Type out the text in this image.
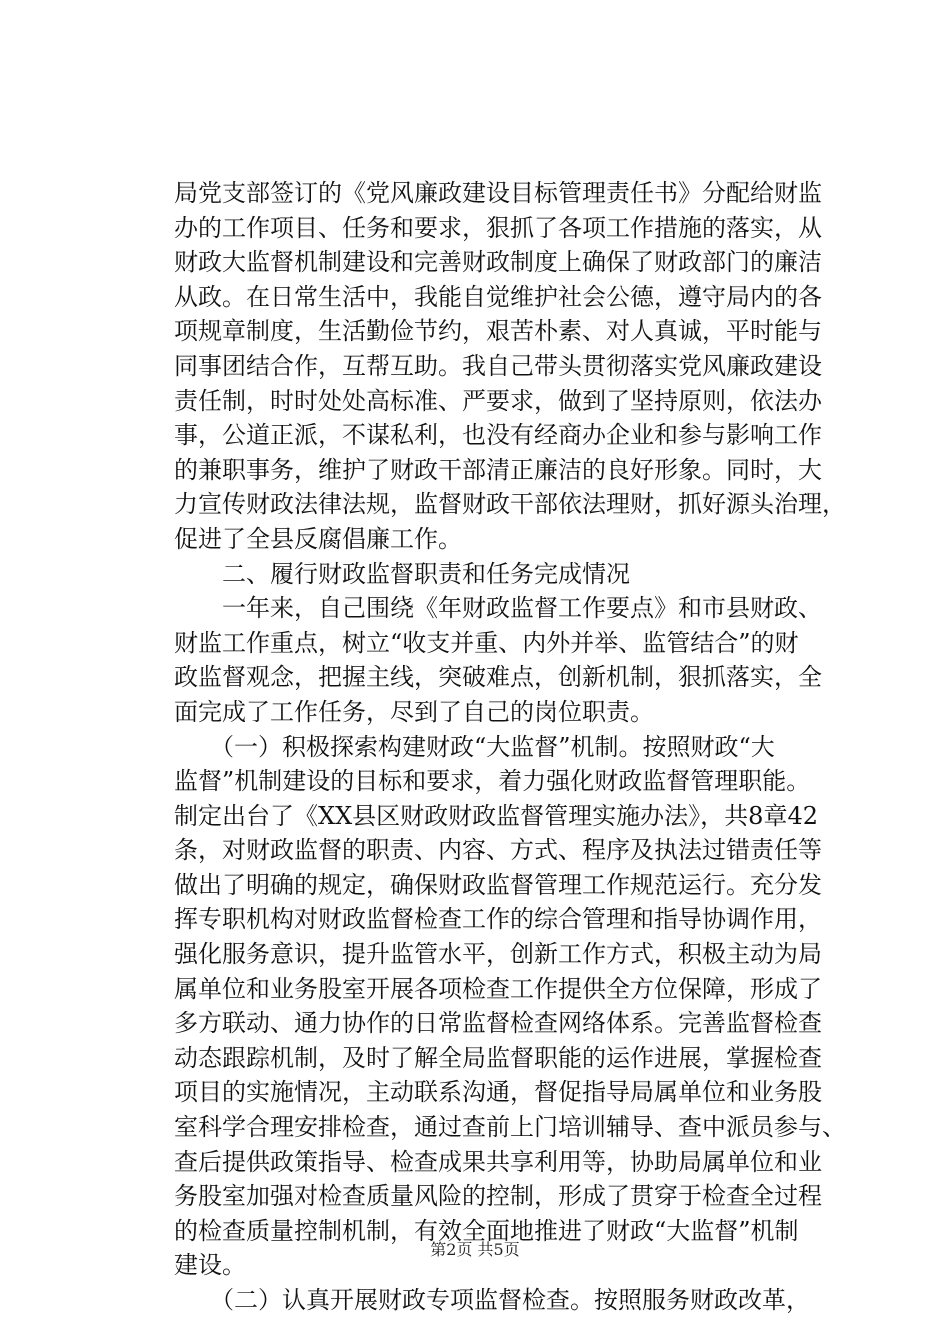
局党支部签订的《党风廉政建设目标管理责任书》分配给财监
办的工作项目、任务和要求，狠抓了各项工作措施的落实，从
财政大监督机制建设和完善财政制度上确保了财政部门的廉洁
从政。在日常生活中，我能自觉维护社会公德，遵守局内的各
项规章制度，生活勤俭节约，艰苦朴素、对人真诚，平时能与
同事团结合作，互帮互助。我自己带头贯彻落实党风廉政建设
责任制，时时处处高标准、严要求，做到了坚持原则，依法办
事，公道正派，不谋私利，也没有经商办企业和参与影响工作
的兼职事务，维护了财政干部清正廉洁的良好形象。同时，大
力宣传财政法律法规，监督财政干部依法理财，抓好源头治理，
促进了全县反腐倡廉工作。
　　二、履行财政监督职责和任务完成情况
　　一年来，自己围绕《年财政监督工作要点》和市县财政、
财监工作重点，树立“收支并重、内外并举、监管结合”的财
政监督观念，把握主线，突破难点，创新机制，狠抓落实，全
面完成了工作任务，尽到了自己的岗位职责。
　　（一）积极探索构建财政“大监督”机制。按照财政“大
监督”机制建设的目标和要求，着力强化财政监督管理职能。
制定出台了《XX县区财政财政监督管理实施办法》，共8章42
条，对财政监督的职责、内容、方式、程序及执法过错责任等
做出了明确的规定，确保财政监督管理工作规范运行。充分发
挥专职机构对财政监督检查工作的综合管理和指导协调作用，
强化服务意识，提升监管水平，创新工作方式，积极主动为局
属单位和业务股室开展各项检查工作提供全方位保障，形成了
多方联动、通力协作的日常监督检查网络体系。完善监督检查
动态跟踪机制，及时了解全局监督职能的运作进展，掌握检查
项目的实施情况，主动联系沟通，督促指导局属单位和业务股
室科学合理安排检查，通过查前上门培训辅导、查中派员参与、
查后提供政策指导、检查成果共享利用等，协助局属单位和业
务股室加强对检查质量风险的控制，形成了贯穿于检查全过程
的检查质量控制机制，有效全面地推进了财政“大监督”机制
建设。
　　（二）认真开展财政专项监督检查。按照服务财政改革，
第2页 共5页
